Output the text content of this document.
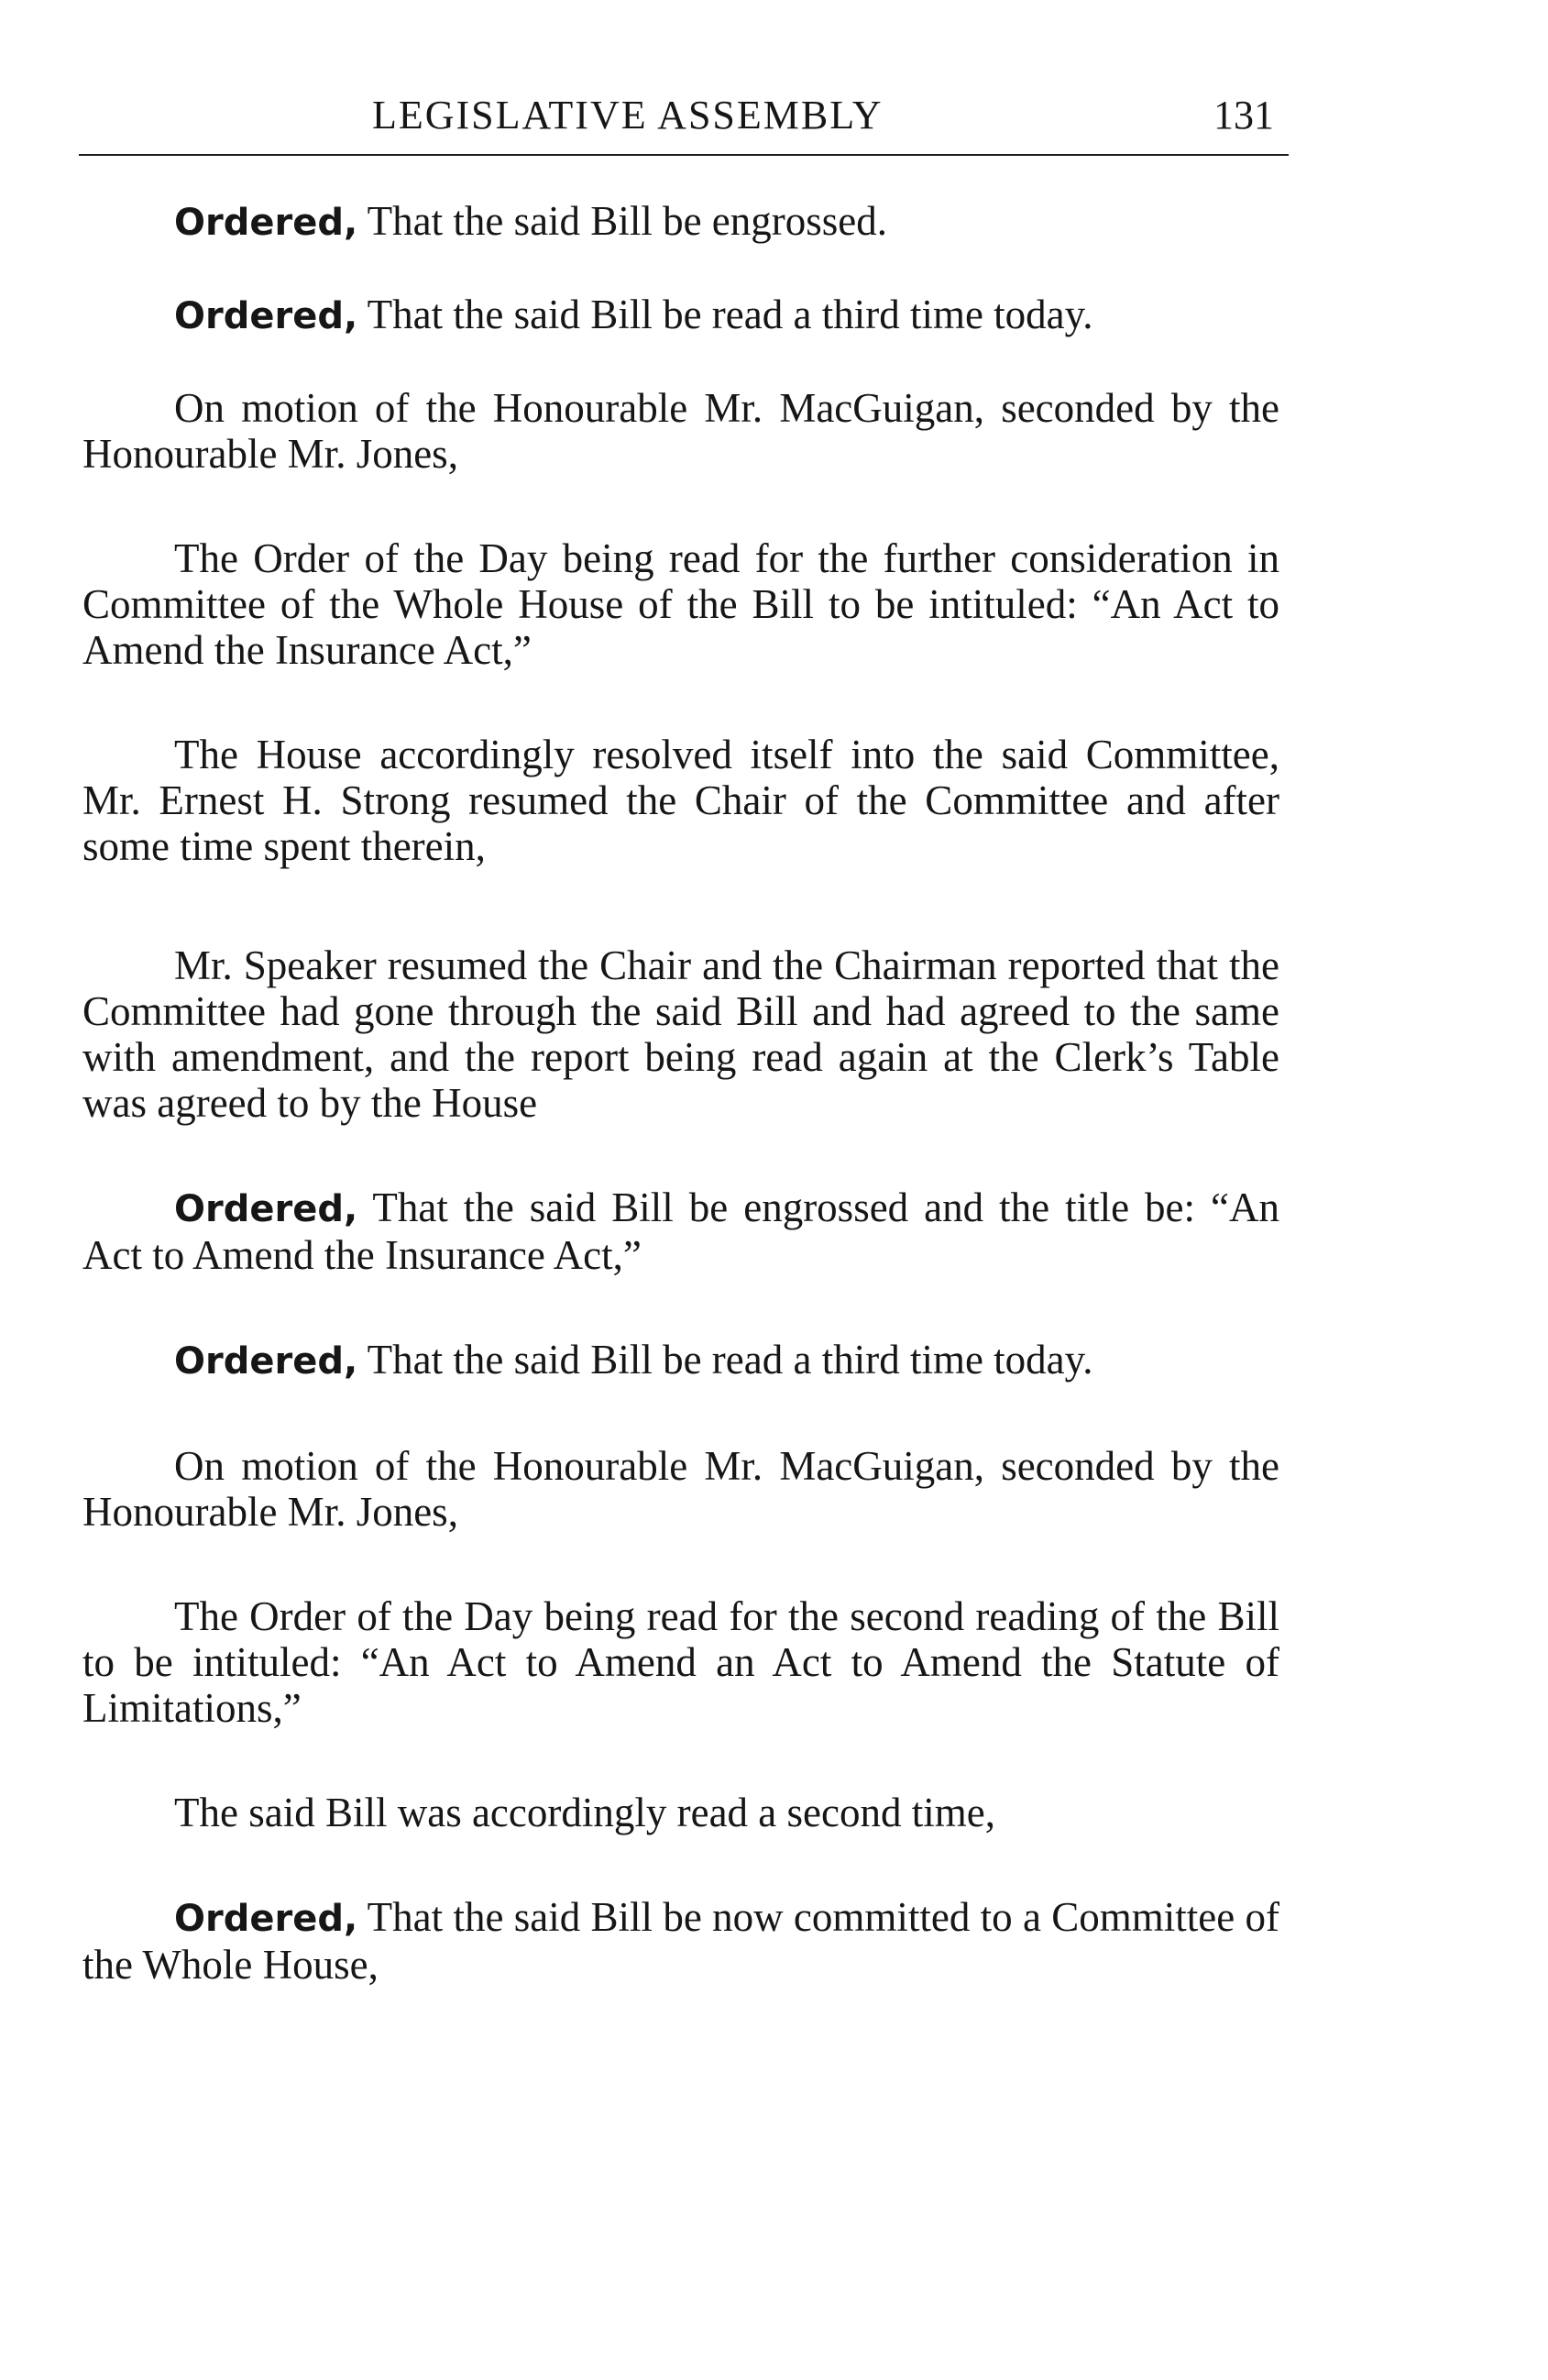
LEGISLATIVE ASSEMBLY	131

Ordered, That the said Bill be engrossed.

Ordered, That the said Bill be read a third time today.

On motion of the Honourable Mr. MacGuigan, seconded by the Honourable Mr. Jones,

The Order of the Day being read for the further consideration in Committee of the Whole House of the Bill to be intituled: “An Act to Amend the Insurance Act,”

The House accordingly resolved itself into the said Committee, Mr. Ernest H. Strong resumed the Chair of the Committee and after some time spent therein,

Mr. Speaker resumed the Chair and the Chairman reported that the Committee had gone through the said Bill and had agreed to the same with amendment, and the report being read again at the Clerk’s Table was agreed to by the House

Ordered, That the said Bill be engrossed and the title be: “An Act to Amend the Insurance Act,”

Ordered, That the said Bill be read a third time today.

On motion of the Honourable Mr. MacGuigan, seconded by the Honourable Mr. Jones,

The Order of the Day being read for the second reading of the Bill to be intituled: “An Act to Amend an Act to Amend the Statute of Limitations,”

The said Bill was accordingly read a second time,

Ordered, That the said Bill be now committed to a Committee of the Whole House,
